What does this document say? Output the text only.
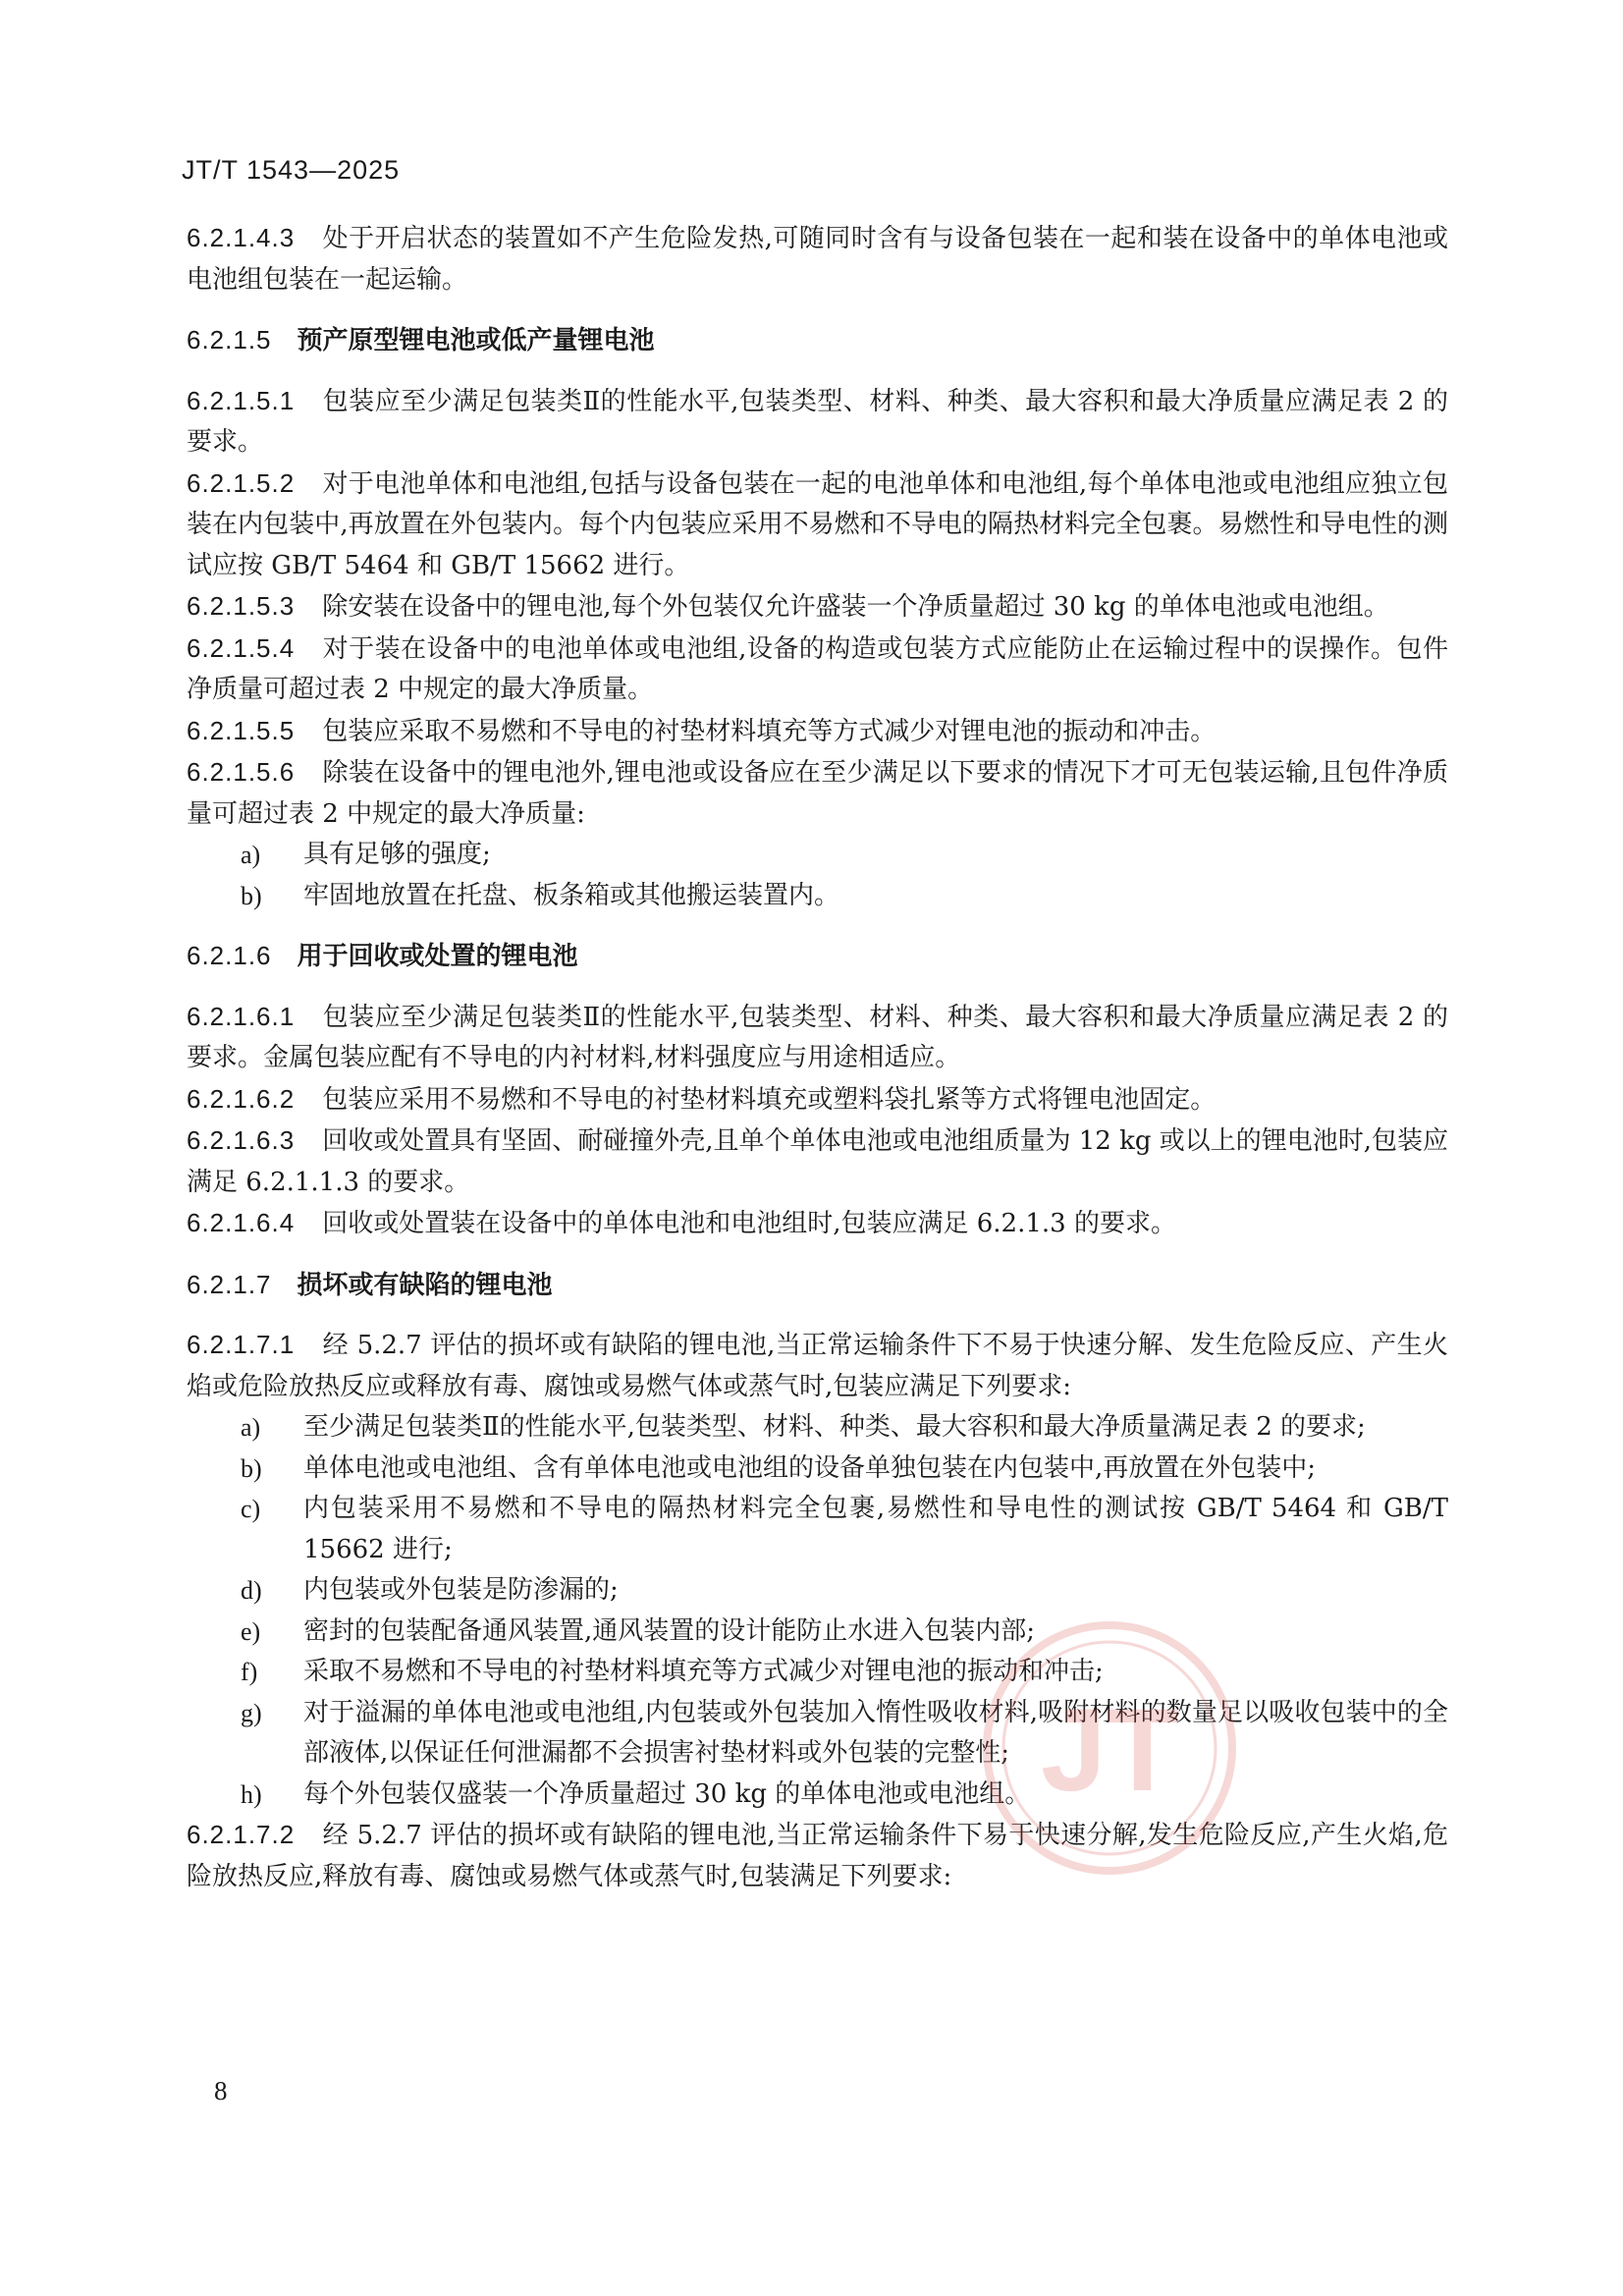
JT/T 1543—2025

6.2.1.4.3 处于开启状态的装置如不产生危险发热,可随同时含有与设备包装在一起和装在设备中的单体电池或电池组包装在一起运输。

6.2.1.5 预产原型锂电池或低产量锂电池

6.2.1.5.1 包装应至少满足包装类Ⅱ的性能水平,包装类型、材料、种类、最大容积和最大净质量应满足表 2 的要求。

6.2.1.5.2 对于电池单体和电池组,包括与设备包装在一起的电池单体和电池组,每个单体电池或电池组应独立包装在内包装中,再放置在外包装内。每个内包装应采用不易燃和不导电的隔热材料完全包裹。易燃性和导电性的测试应按 GB/T 5464 和 GB/T 15662 进行。

6.2.1.5.3 除安装在设备中的锂电池,每个外包装仅允许盛装一个净质量超过 30 kg 的单体电池或电池组。

6.2.1.5.4 对于装在设备中的电池单体或电池组,设备的构造或包装方式应能防止在运输过程中的误操作。包件净质量可超过表 2 中规定的最大净质量。

6.2.1.5.5 包装应采取不易燃和不导电的衬垫材料填充等方式减少对锂电池的振动和冲击。

6.2.1.5.6 除装在设备中的锂电池外,锂电池或设备应在至少满足以下要求的情况下才可无包装运输,且包件净质量可超过表 2 中规定的最大净质量:

a) 具有足够的强度;
b) 牢固地放置在托盘、板条箱或其他搬运装置内。
6.2.1.6 用于回收或处置的锂电池

6.2.1.6.1 包装应至少满足包装类Ⅱ的性能水平,包装类型、材料、种类、最大容积和最大净质量应满足表 2 的要求。金属包装应配有不导电的内衬材料,材料强度应与用途相适应。

6.2.1.6.2 包装应采用不易燃和不导电的衬垫材料填充或塑料袋扎紧等方式将锂电池固定。

6.2.1.6.3 回收或处置具有坚固、耐碰撞外壳,且单个单体电池或电池组质量为 12 kg 或以上的锂电池时,包装应满足 6.2.1.1.3 的要求。

6.2.1.6.4 回收或处置装在设备中的单体电池和电池组时,包装应满足 6.2.1.3 的要求。

6.2.1.7 损坏或有缺陷的锂电池

6.2.1.7.1 经 5.2.7 评估的损坏或有缺陷的锂电池,当正常运输条件下不易于快速分解、发生危险反应、产生火焰或危险放热反应或释放有毒、腐蚀或易燃气体或蒸气时,包装应满足下列要求:

a) 至少满足包装类Ⅱ的性能水平,包装类型、材料、种类、最大容积和最大净质量满足表 2 的要求;
b) 单体电池或电池组、含有单体电池或电池组的设备单独包装在内包装中,再放置在外包装中;
c) 内包装采用不易燃和不导电的隔热材料完全包裹,易燃性和导电性的测试按 GB/T 5464 和 GB/T 15662 进行;
d) 内包装或外包装是防渗漏的;
e) 密封的包装配备通风装置,通风装置的设计能防止水进入包装内部;
f) 采取不易燃和不导电的衬垫材料填充等方式减少对锂电池的振动和冲击;
g) 对于溢漏的单体电池或电池组,内包装或外包装加入惰性吸收材料,吸附材料的数量足以吸收包装中的全部液体,以保证任何泄漏都不会损害衬垫材料或外包装的完整性;
h) 每个外包装仅盛装一个净质量超过 30 kg 的单体电池或电池组。

6.2.1.7.2 经 5.2.7 评估的损坏或有缺陷的锂电池,当正常运输条件下易于快速分解,发生危险反应,产生火焰,危险放热反应,释放有毒、腐蚀或易燃气体或蒸气时,包装满足下列要求:

JT
8
